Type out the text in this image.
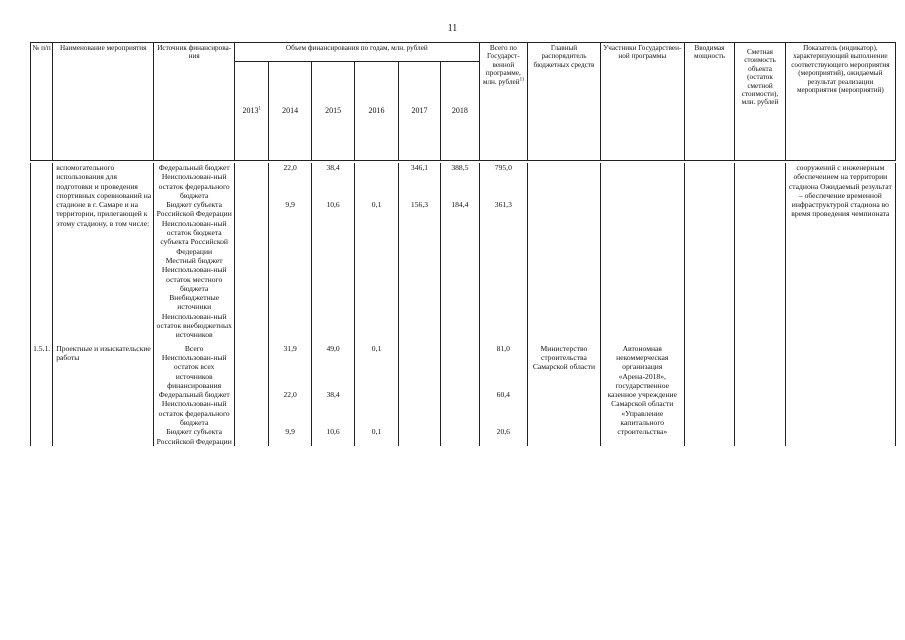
11
№ п/п	Наименование мероприятия	Источник финансирова-ния	Объем финансирования по годам, млн. рублей						Всего по Государст-венной программе, млн. рублей$^{1)}$	Главный распорядитель бюджетных средств	Участники Государствен-ной программы	Вводимая мощность	Сметная стоимость объекта (остаток сметной стоимости), млн. рублей	Показатель (индикатор), характеризующий выполнение соответствующего мероприятия (мероприятий), ожидаемый результат реализации мероприятия (мероприятий)
			2013$^1$	2014	2015	2016	2017	2018						
	вспомогательного использования для подготовки и проведения спортивных соревнований на стадионе в г. Самаре и на территории, прилегающей к этому стадиону, в том числе:	Федеральный бюджет		22,0	38,4		346,1	388,5	795,0					сооружений с инженерным обеспечением на территории стадиона Ожидаемый результат – обеспечение временной инфраструктурой стадиона во время проведения чемпионата
		Неиспользован-ный остаток федерального бюджета												
		Бюджет субъекта Российской Федерации		9,9	10,6	0,1	156,3	184,4	361,3					
		Неиспользован-ный остаток бюджета субъекта Российской Федерации												
		Местный бюджет												
		Неиспользован-ный остаток местного бюджета												
		Внебюджетные источники												
		Неиспользован-ный остаток внебюджетных источников												

1.5.1.	Проектные и изыскательские работы	Всего		31,9	49,0	0,1			81,0	Министерство строительства Самарской области	Автономная некоммерческая организация «Арена-2018», государственное казенное учреждение Самарской области «Управление капитального строительства»			
		Неиспользован-ный остаток всех источников финансирования												
		Федеральный бюджет		22,0	38,4				60,4					
		Неиспользован-ный остаток федерального бюджета												
		Бюджет субъекта Российской Федерации		9,9	10,6	0,1			20,6					
